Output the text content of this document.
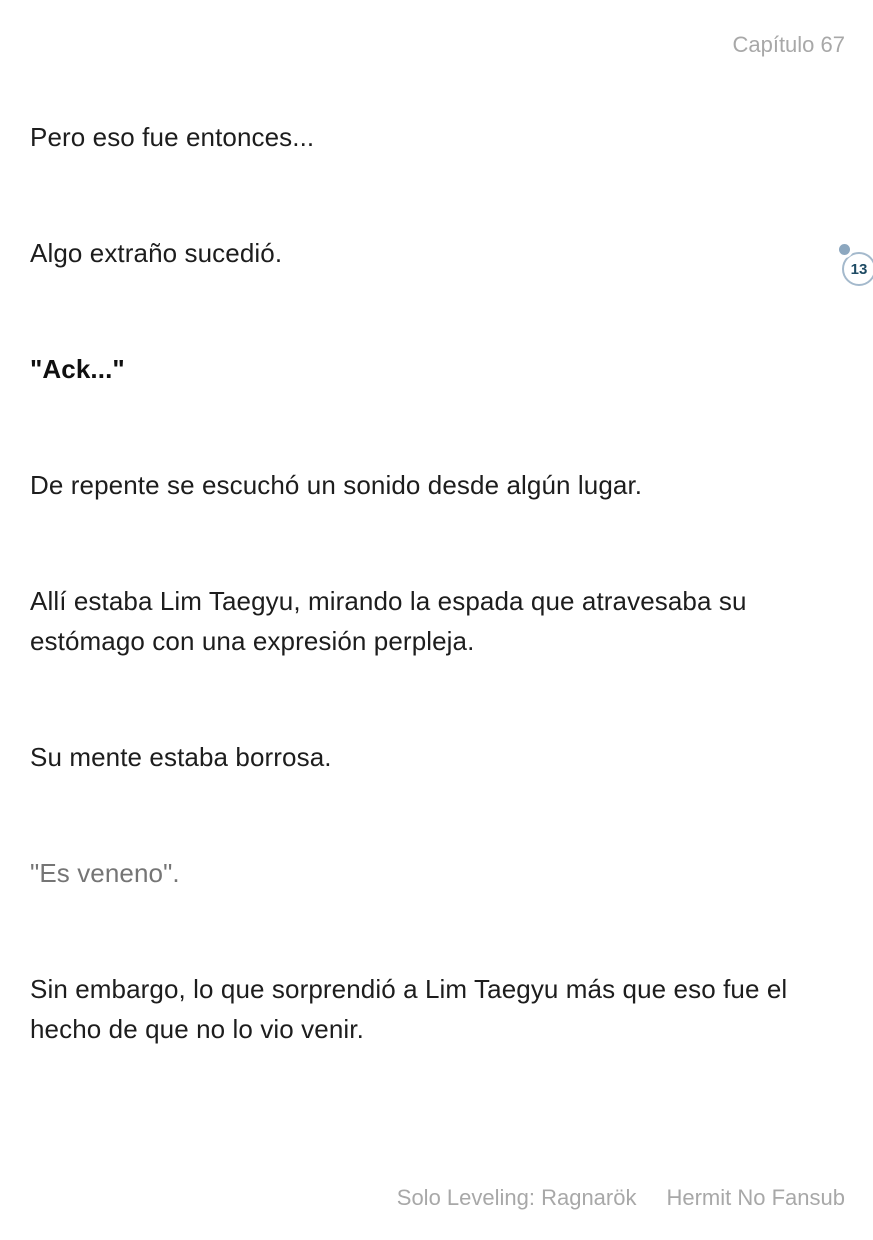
Capítulo 67

Pero eso fue entonces...

Algo extraño sucedió.

"Ack..."

De repente se escuchó un sonido desde algún lugar.

Allí estaba Lim Taegyu, mirando la espada que atravesaba su estómago con una expresión perpleja.

Su mente estaba borrosa.

"Es veneno".

Sin embargo, lo que sorprendió a Lim Taegyu más que eso fue el hecho de que no lo vio venir.

13
Solo Leveling: Ragnarök Hermit No Fansub
